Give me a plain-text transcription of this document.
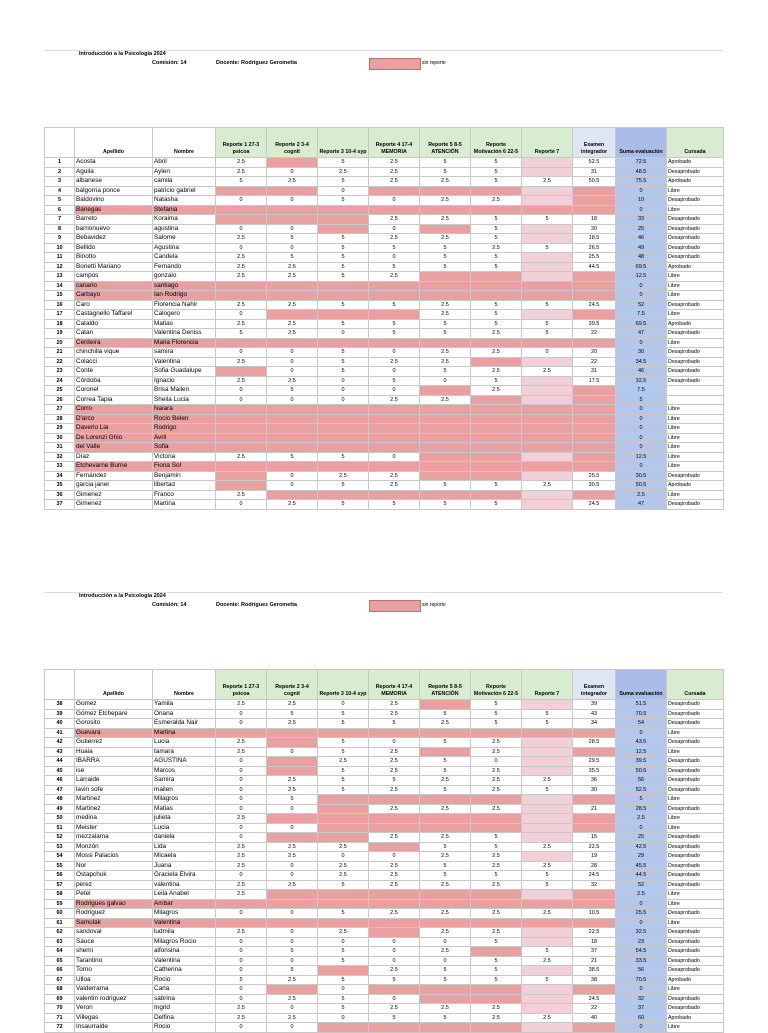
Introducción a la Psicología 2024
Comisión: 14	Docente: Rodriguez Gerometta	sin reporte
	Apellido	Nombre	Reporte 1 27-3 psicoa	Reporte 2 3-4 cognit	Reporte 3 10-4 syp	Reporte 4 17-4 MEMORIA	Reporte 5 8-5 ATENCIÓN	Reporte Motivación 6 22-5	Reporte 7	Examen integrador	Suma evaluación	Cursada
1	Acosta	Abril	2.5		5	2.5	5	5		52.5	72.5	Aprobado
2	Aguila	Aylen	2.5	0	2.5	2.5	5	5		31	48.5	Desaprobado
3	albanese	camila	5	2.5	5	2.5	2.5	5	2.5	50.5	75.5	Aprobado
4	balgorria ponce	patricio gabriel			0						0	Libre
5	Baldovino	Natasha	0	0	5	0	2.5	2.5			10	Desaprobado
6	Banegas	Stefania									0	Libre
7	Barreto	Koraima				2.5	2.5	5	5	18	33	Desaprobado
8	barrionuevo	agustina	0	0		0		5		20	25	Desaprobado
9	Bebavidez	Salome	2.5	5	5	2.5	2.5	5		18.5	46	Desaprobado
10	Bellido	Agustina	0	0	5	5	5	2.5	5	26.5	49	Desaprobado
11	Binotto	Candela	2.5	5	5	0	5	5		25.5	48	Desaprobado
12	Bonetti Mariano	Fernando	2.5	2.5	5	5	5	5		44.5	69.5	Aprobado
13	campos	gonzalo	2.5	2.5	5	2.5					12.5	Libre
14	canario	santiago									0	Libre
15	Carbayo	Ian Rodrigo									0	Libre
16	Caro	Florencia Nahir	2.5	2.5	5	5	2.5	5	5	24.5	52	Desaprobado
17	Castagnello Taffarel	Calogero	0				2.5	5			7.5	Libre
18	Cataldo	Matias	2.5	2.5	5	5	5	5	5	39.5	69.5	Aprobado
19	Catan	Valentina Deniss	5	2.5	0	5	5	2.5	5	22	47	Desaprobado
20	Cerdeira	Maria Florencia									0	Libre
21	chinchilla vique	samira	0	0	5	0	2.5	2.5	0	20	30	Desaprobado
22	Colacci	Valentina	2.5	0	5	2.5	2.5			22	34.5	Desaprobado
23	Conte	Sofia Guadalupe		0	5	0	5	2.5	2.5	31	46	Desaprobado
24	Córdoba	Ignacio	2.5	2.5	0	5	0	5		17.5	32.5	Desaprobado
25	Coronel	Brisa Mailen	0	5	0	0		2.5			7.5	
26	Correa Tapia	Sheila Lucia	0	0	0	2.5	2.5				5	
27	Corro	Naiara									0	Libre
28	D'arco	Rocio Belen									0	Libre
29	Daverio Lia	Rodrigo									0	Libre
30	De Lorenzi Ghio	Avril									0	Libre
31	del Valle	Sofia									0	Libre
32	Díaz	Victoria	2.5	5	5	0					12.5	Libre
33	Etchevarne Burne	Fiona Sol									0	Libre
34	Fernández	Benjamin		0	2.5	2.5				25.5	30.5	Desaprobado
35	garcia janer	libertad		0	5	2.5	5	5	2.5	30.5	50.5	Aprobado
36	Gimenez	Franco	2.5								2.5	Libre
37	Gimenez	Martina	0	2.5	5	5	5	5		24.5	47	Desaprobado
Introducción a la Psicología 2024
Comisión: 14	Docente: Rodriguez Gerometta	sin reporte
	Apellido	Nombre	Reporte 1 27-3 psicoa	Reporte 2 3-4 cognit	Reporte 3 10-4 syp	Reporte 4 17-4 MEMORIA	Reporte 5 8-5 ATENCIÓN	Reporte Motivación 6 22-5	Reporte 7	Examen integrador	Suma evaluación	Cursada
38	Gomez	Yamila	2.5	2.5	0	2.5		5		39	51.5	Desaprobado
39	Gómez Etchepare	Oriana	0	5	5	2.5	5	5	5	43	70.5	Desaprobado
40	Gorosito	Esmeralda Nair	0	2.5	5	5	2.5	5	5	34	54	Desaprobado
41	Guevara	Martina									0	Libre
42	Gutiérrez	Lucia	2.5		5	0	5	2.5		28.5	43.5	Desaprobado
43	Huaia	tamara	2.5	0	5	2.5		2.5			12.5	Libre
44	IBARRA	AGUSTINA	0		2.5	2.5	5	0		29.5	39.5	Desaprobado
45	ise	Marcos	0		5	2.5	5	2.5		35.5	50.5	Desaprobado
46	Larraide	Samira	0	2.5	5	5	2.5	2.5	2.5	36	56	Desaprobado
47	lavin sofe	mailen	0	2.5	5	2.5	5	2.5	5	30	52.5	Desaprobado
48	Martinez	Milagros	0	5							5	Libre
49	Martinez	Matias	0	0		2.5	2.5	2.5		21	28.5	Desaprobado
50	medina	julieta	2.5								2.5	Libre
51	Meister	Lucia	0	0							0	Libre
52	mezzalama	daniela	0			2.5	2.5	5		15	25	Desaprobado
53	Monzón	Lida	2.5	2.5	2.5		5	5	2.5	22.5	42.5	Desaprobado
54	Mossi Palacios	Micaela	2.5	2.5	0	0	2.5	2.5		19	29	Desaprobado
55	Nor	Juana	2.5	0	2.5	2.5	5	2.5	2.5	28	45.5	Desaprobado
56	Ostapchuk	Graciela Elvira	0	0	2.5	2.5	5	5	5	24.5	44.5	Desaprobado
57	perez	valentina	2.5	2.5	5	2.5	2.5	2.5	5	32	52	Desaprobado
58	Petel	Leila Anabel	2.5								2.5	Libre
59	Rodrigues galvao	Ambar									0	Libre
60	Rodriguez	Milagros	0	0	5	2.5	2.5	2.5	2.5	10.5	25.5	Desaprobado
61	Samulak	Valentina									0	Libre
62	sandoval	ludmila	2.5	0	2.5		2.5	2.5		22.5	32.5	Desaprobado
63	Sauce	Milagros Rocio	0	0	0	0	0	5		18	23	Desaprobado
64	shemi	alfonsina	0	5	5	0	2.5		5	37	54.5	Desaprobado
65	Tarantino	Valentina	0	0	5	0	0	5	2.5	21	33.5	Desaprobado
66	Torno	Catherina	0	5		2.5	5	5		38.5	56	Desaprobado
67	Ulloa	Rocio	5	2.5	5	5	5	5	5	38	70.5	Aprobado
68	Valderrama	Carla	0		0						0	Libre
69	valentin rodriguez	sabrina	0	2.5	5	0				24.5	32	Desaprobado
70	Veron	Ingrid	2.5	0	5	2.5	2.5	2.5		22	37	Desaprobado
71	Villegas	Delfina	2.5	2.5	0	5	5	2.5	2.5	40	60	Aprobado
72	Insaurralde	Rocio	0	0							0	Libre
